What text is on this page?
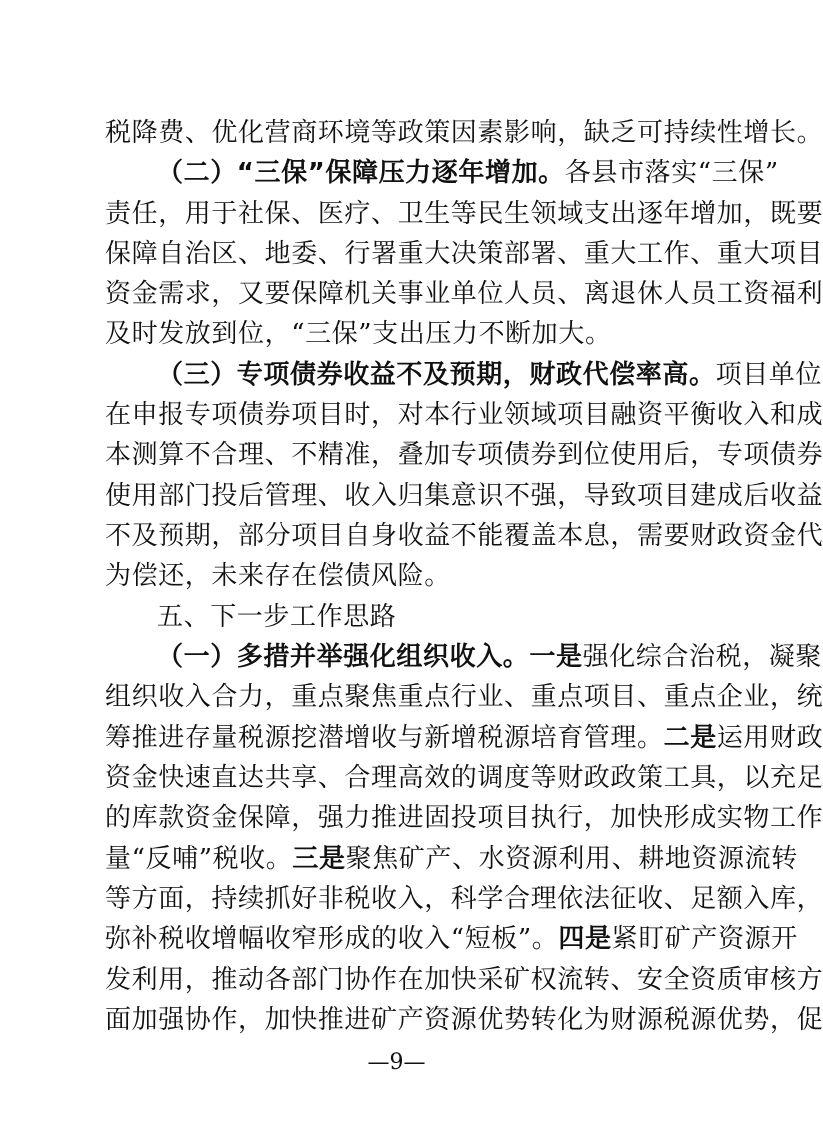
税降费、优化营商环境等政策因素影响，缺乏可持续性增长。
（二）“三保”保障压力逐年增加。各县市落实“三保”
责任，用于社保、医疗、卫生等民生领域支出逐年增加，既要
保障自治区、地委、行署重大决策部署、重大工作、重大项目
资金需求，又要保障机关事业单位人员、离退休人员工资福利
及时发放到位，“三保”支出压力不断加大。
（三）专项债券收益不及预期，财政代偿率高。项目单位
在申报专项债券项目时，对本行业领域项目融资平衡收入和成
本测算不合理、不精准，叠加专项债券到位使用后，专项债券
使用部门投后管理、收入归集意识不强，导致项目建成后收益
不及预期，部分项目自身收益不能覆盖本息，需要财政资金代
为偿还，未来存在偿债风险。
五、下一步工作思路
（一）多措并举强化组织收入。一是强化综合治税，凝聚
组织收入合力，重点聚焦重点行业、重点项目、重点企业，统
筹推进存量税源挖潜增收与新增税源培育管理。二是运用财政
资金快速直达共享、合理高效的调度等财政政策工具，以充足
的库款资金保障，强力推进固投项目执行，加快形成实物工作
量“反哺”税收。三是聚焦矿产、水资源利用、耕地资源流转
等方面，持续抓好非税收入，科学合理依法征收、足额入库，
弥补税收增幅收窄形成的收入“短板”。四是紧盯矿产资源开
发利用，推动各部门协作在加快采矿权流转、安全资质审核方
面加强协作，加快推进矿产资源优势转化为财源税源优势，促
—9—
